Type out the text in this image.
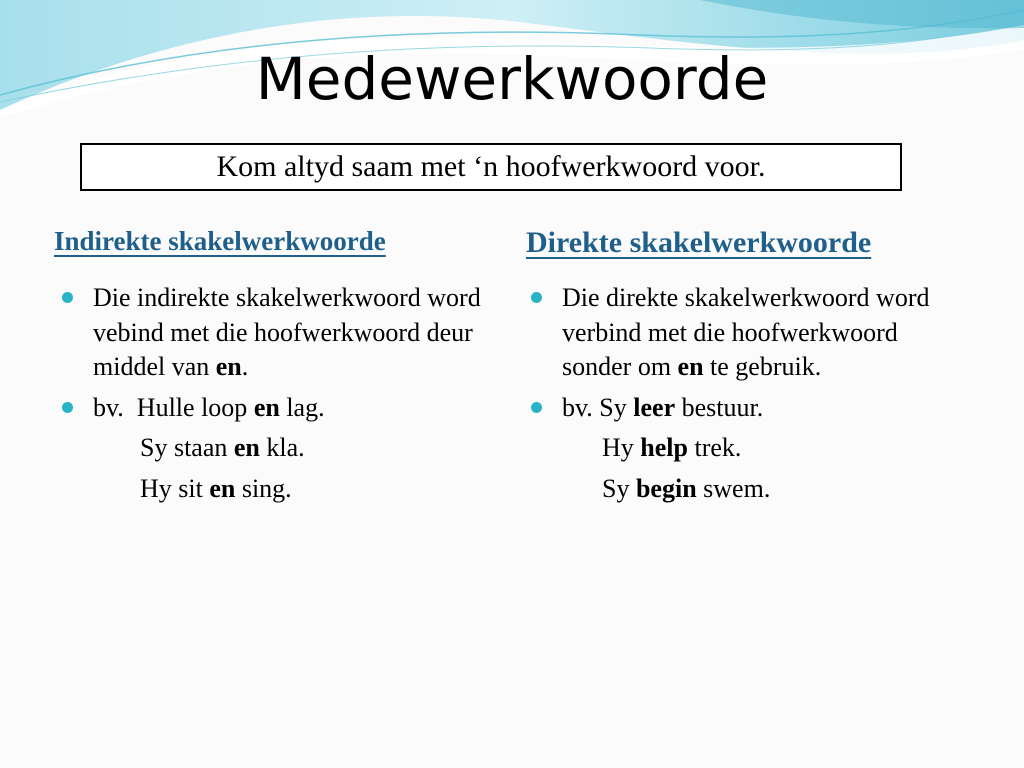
Medewerkwoorde
Kom altyd saam met ‘n hoofwerkwoord voor.
Indirekte skakelwerkwoorde	Direkte skakelwerkwoorde
Die indirekte skakelwerkwoord word vebind met die hoofwerkwoord deur middel van en.
bv.  Hulle loop en lag.
Sy staan en kla.
Hy sit en sing.
Die direkte skakelwerkwoord word verbind met die hoofwerkwoord sonder om en te gebruik.
bv. Sy leer bestuur.
Hy help trek.
Sy begin swem.
